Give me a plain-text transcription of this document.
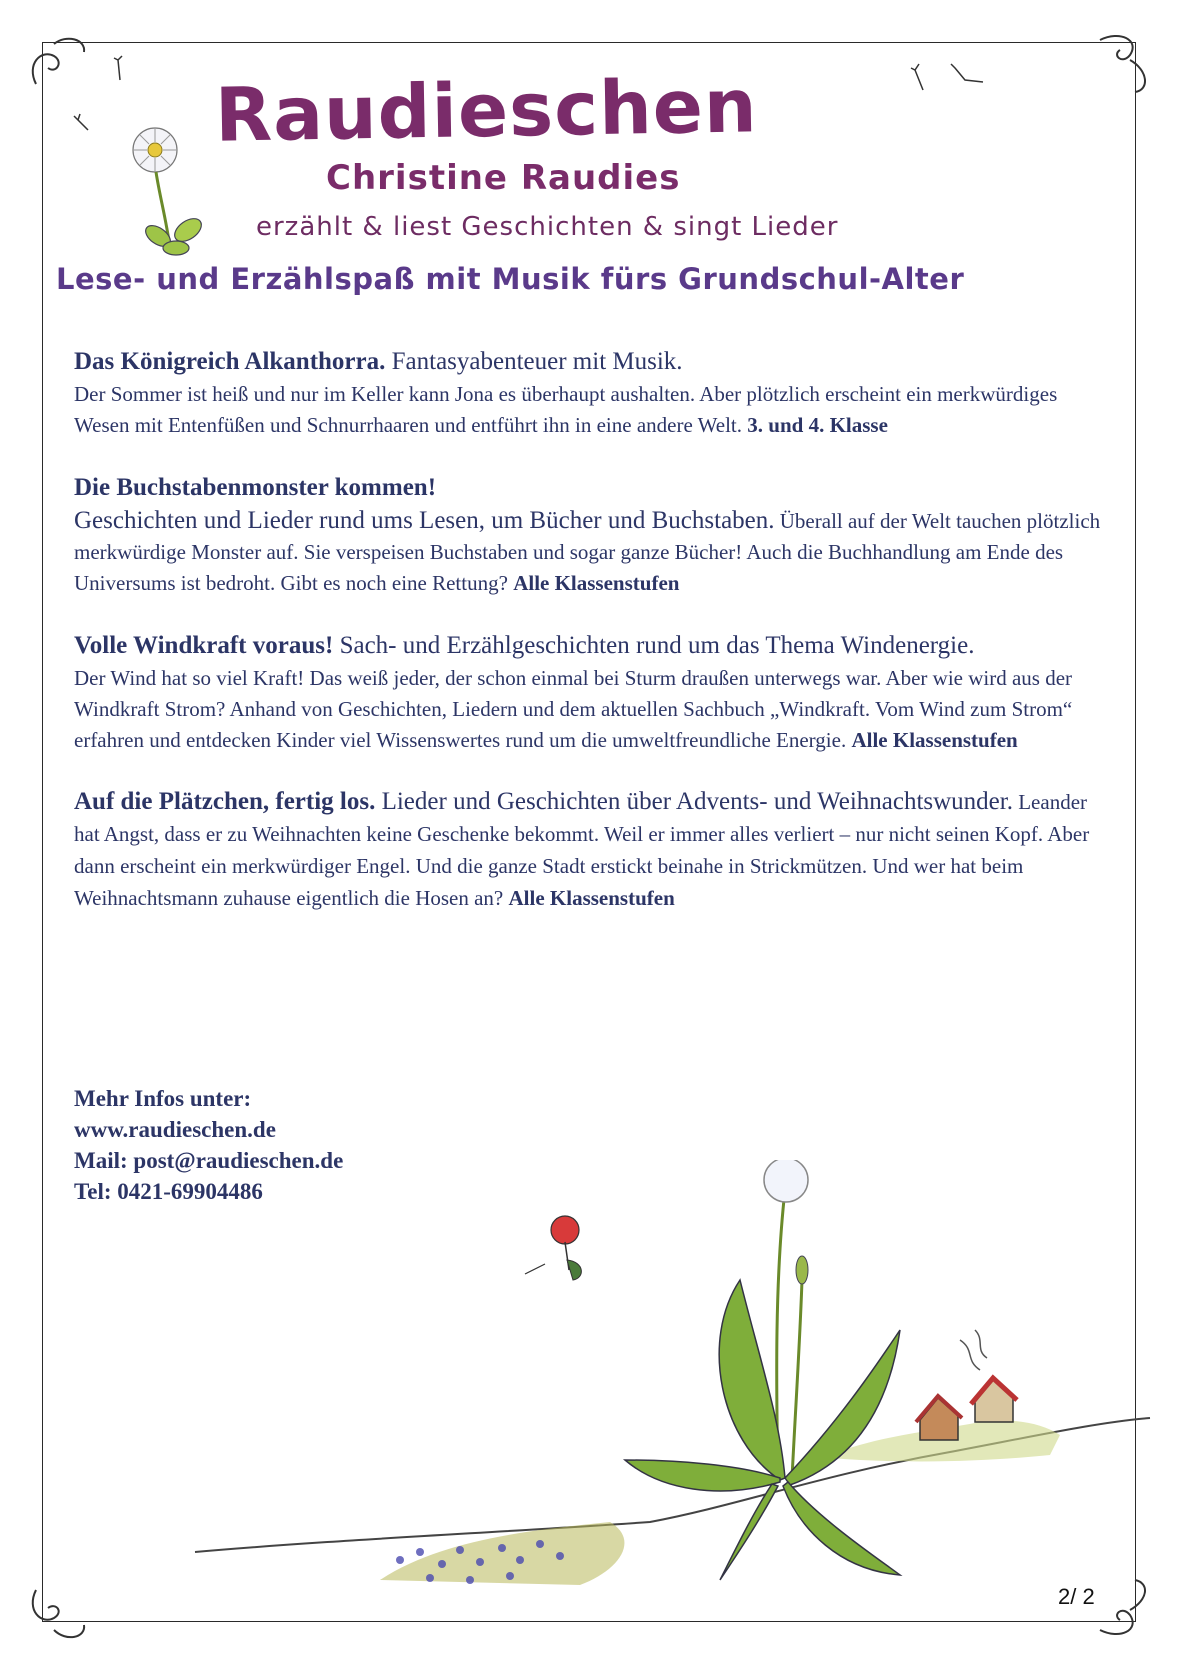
Raudieschen
Christine Raudies
erzählt & liest Geschichten & singt Lieder
Lese- und Erzählspaß mit Musik fürs Grundschul-Alter
Das Königreich Alkanthorra. Fantasyabenteuer mit Musik.

Der Sommer ist heiß und nur im Keller kann Jona es überhaupt aushalten. Aber plötzlich erscheint ein merkwürdiges Wesen mit Entenfüßen und Schnurrhaaren und entführt ihn in eine andere Welt. 3. und 4. Klasse

Die Buchstabenmonster kommen!

Geschichten und Lieder rund ums Lesen, um Bücher und Buchstaben. Überall auf der Welt tauchen plötzlich merkwürdige Monster auf. Sie verspeisen Buchstaben und sogar ganze Bücher! Auch die Buchhandlung am Ende des Universums ist bedroht. Gibt es noch eine Rettung? Alle Klassenstufen

Volle Windkraft voraus! Sach- und Erzählgeschichten rund um das Thema Windenergie.

Der Wind hat so viel Kraft! Das weiß jeder, der schon einmal bei Sturm draußen unterwegs war. Aber wie wird aus der Windkraft Strom? Anhand von Geschichten, Liedern und dem aktuellen Sachbuch „Windkraft. Vom Wind zum Strom“ erfahren und entdecken Kinder viel Wissenswertes rund um die umweltfreundliche Energie. Alle Klassenstufen

Auf die Plätzchen, fertig los. Lieder und Geschichten über Advents- und Weihnachtswunder. Leander hat Angst, dass er zu Weihnachten keine Geschenke bekommt. Weil er immer alles verliert – nur nicht seinen Kopf. Aber dann erscheint ein merkwürdiger Engel. Und die ganze Stadt erstickt beinahe in Strickmützen. Und wer hat beim Weihnachtsmann zuhause eigentlich die Hosen an? Alle Klassenstufen

Mehr Infos unter:
www.raudieschen.de
Mail: post@raudieschen.de
Tel: 0421-69904486
2/ 2
